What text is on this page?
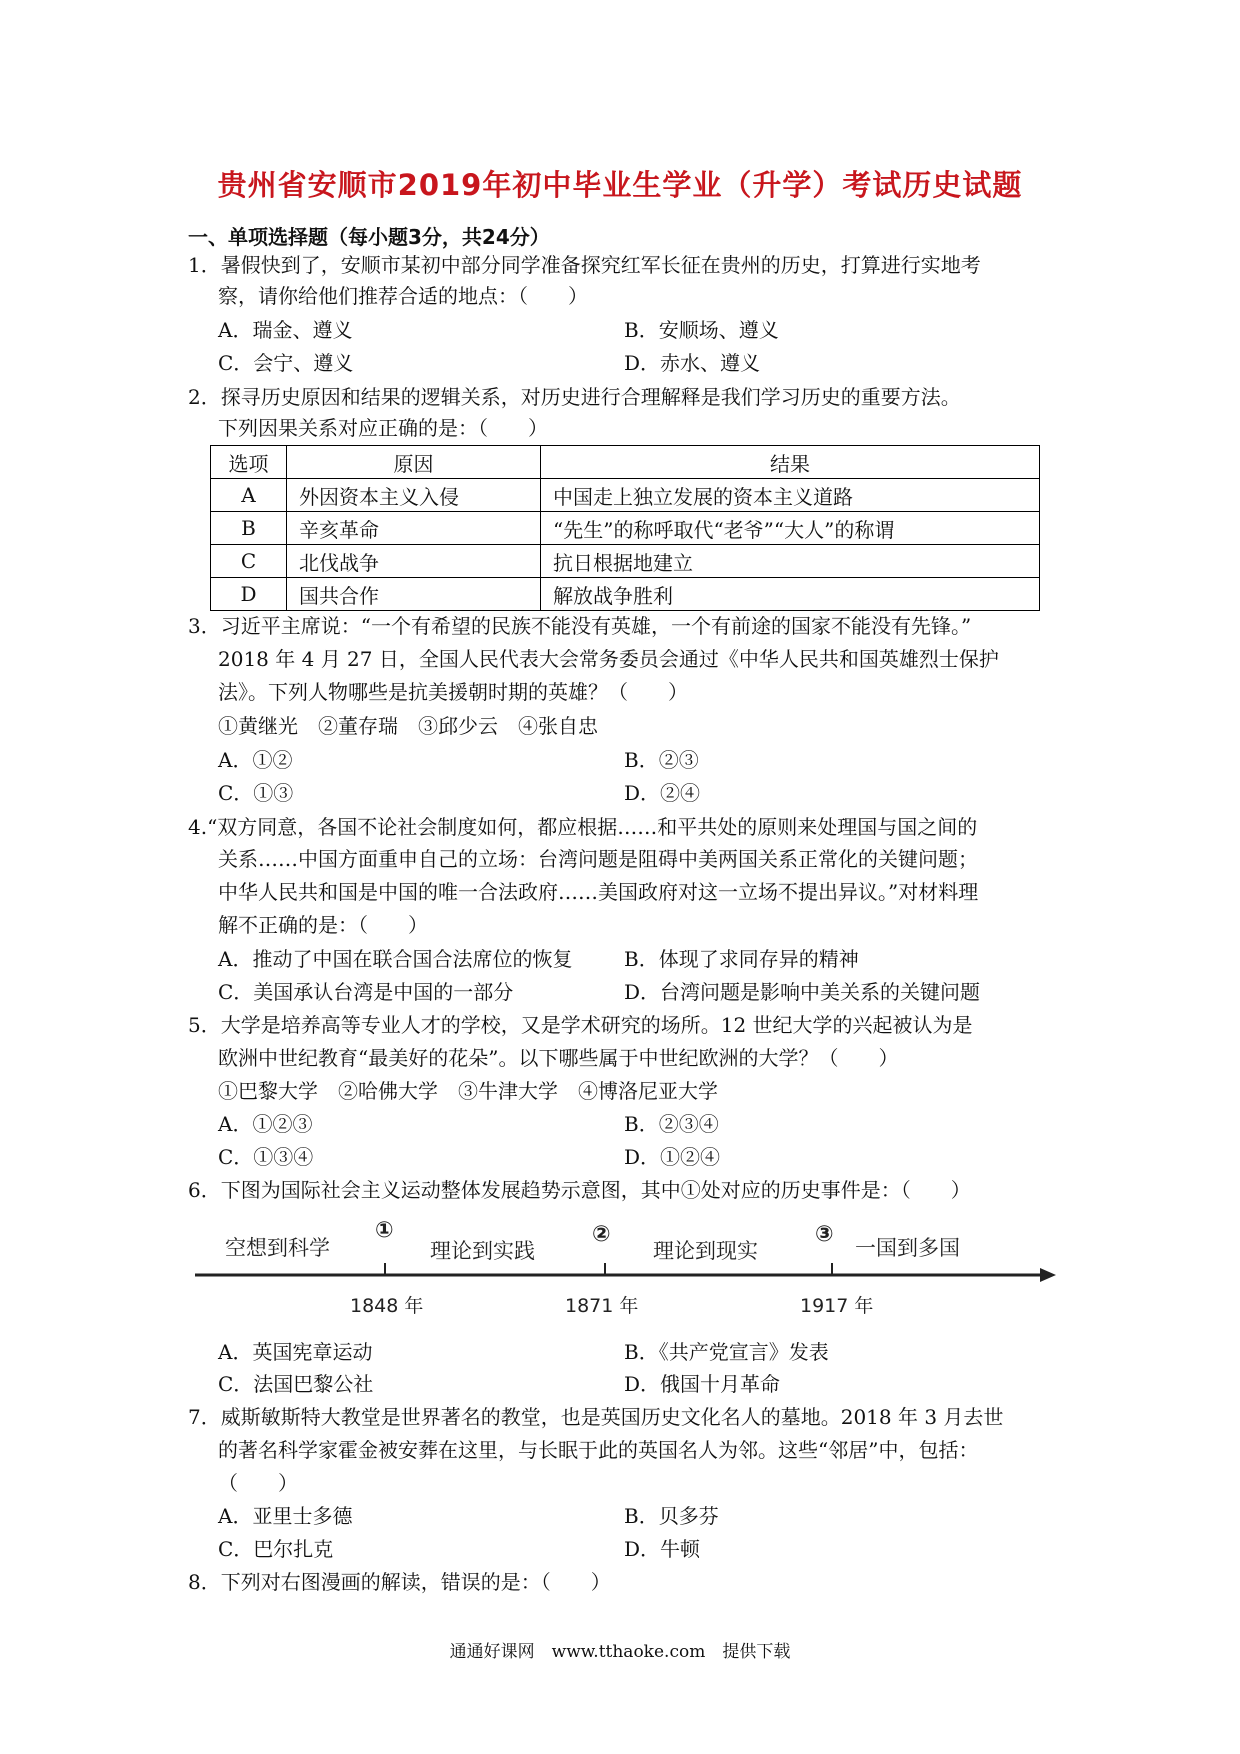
贵州省安顺市2019年初中毕业生学业（升学）考试历史试题
一、单项选择题（每小题3分，共24分）
1．暑假快到了，安顺市某初中部分同学准备探究红军长征在贵州的历史，打算进行实地考
察，请你给他们推荐合适的地点：（　　）
A．瑞金、遵义	B．安顺场、遵义
C．会宁、遵义	D．赤水、遵义
2．探寻历史原因和结果的逻辑关系，对历史进行合理解释是我们学习历史的重要方法。
下列因果关系对应正确的是：（　　）
选项	原因	结果
A	外因资本主义入侵	中国走上独立发展的资本主义道路
B	辛亥革命	“先生”的称呼取代“老爷”“大人”的称谓
C	北伐战争	抗日根据地建立
D	国共合作	解放战争胜利
3．习近平主席说：“一个有希望的民族不能没有英雄，一个有前途的国家不能没有先锋。”
2018 年 4 月 27 日，全国人民代表大会常务委员会通过《中华人民共和国英雄烈士保护
法》。下列人物哪些是抗美援朝时期的英雄？（　　）
①黄继光　②董存瑞　③邱少云　④张自忠
A．①②	B．②③
C．①③	D．②④
4.“双方同意，各国不论社会制度如何，都应根据……和平共处的原则来处理国与国之间的
关系……中国方面重申自己的立场：台湾问题是阻碍中美两国关系正常化的关键问题；
中华人民共和国是中国的唯一合法政府……美国政府对这一立场不提出异议。”对材料理
解不正确的是：（　　）
A．推动了中国在联合国合法席位的恢复	B．体现了求同存异的精神
C．美国承认台湾是中国的一部分	D．台湾问题是影响中美关系的关键问题
5．大学是培养高等专业人才的学校，又是学术研究的场所。12 世纪大学的兴起被认为是
欧洲中世纪教育“最美好的花朵”。以下哪些属于中世纪欧洲的大学？（　　）
①巴黎大学　②哈佛大学　③牛津大学　④博洛尼亚大学
A．①②③	B．②③④
C．①③④	D．①②④
6．下图为国际社会主义运动整体发展趋势示意图，其中①处对应的历史事件是：（　　）
空想到科学	理论到实践	理论到现实	一国到多国
①	②	③
1848 年	1871 年	1917 年
A．英国宪章运动	B．《共产党宣言》发表
C．法国巴黎公社	D．俄国十月革命
7．威斯敏斯特大教堂是世界著名的教堂，也是英国历史文化名人的墓地。2018 年 3 月去世
的著名科学家霍金被安葬在这里，与长眠于此的英国名人为邻。这些“邻居”中，包括：
（　　）
A．亚里士多德	B．贝多芬
C．巴尔扎克	D．牛顿
8．下列对右图漫画的解读，错误的是：（　　）
通通好课网　www.tthaoke.com　提供下载
